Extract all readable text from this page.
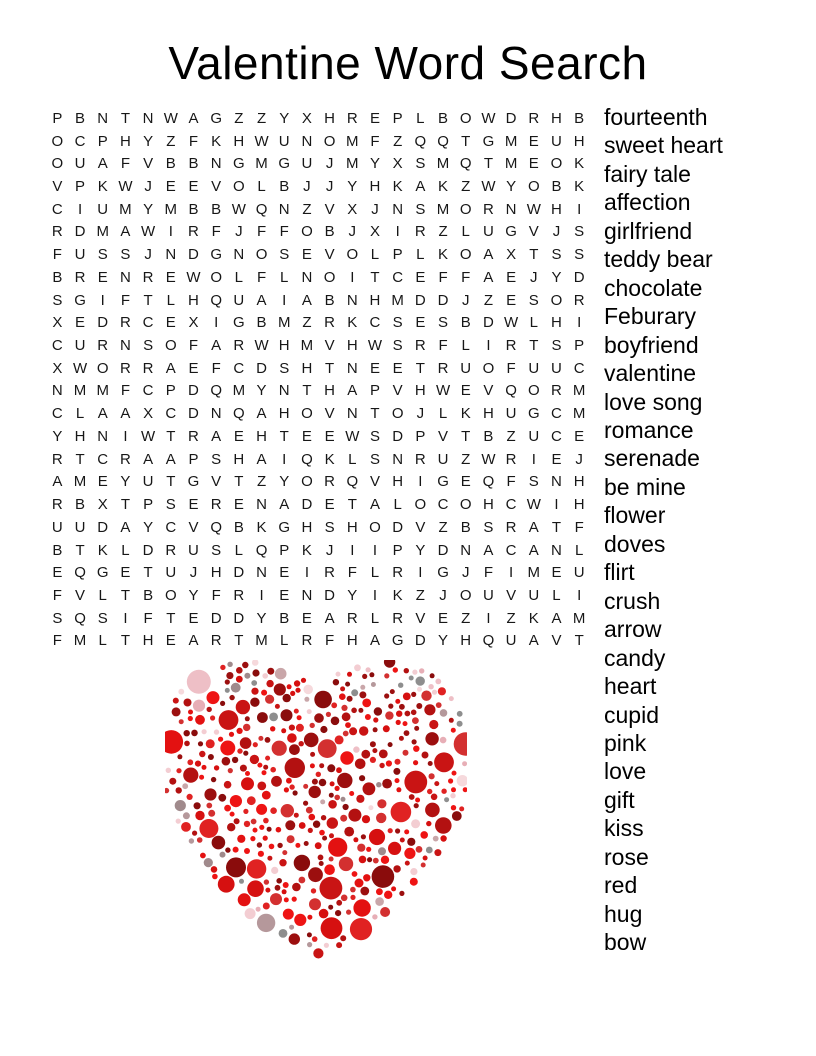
Valentine Word Search
P B N T N W A G Z Z Y X H R E P L B O W D R H B
O C P H Y Z F K H W U N O M F Z Q Q T G M E U H
O U A F V B B N G M G U J M Y X S M Q T M E O K
V P K W J E E V O L B J	J Y H K A K Z W Y O B K
C	I	U M Y M B B W Q N Z V X J N S M O R N W H	I
R D M A W I	R F J F F O B J X	I	R Z L U G V J S
F U S S J N D G N O S E V O L P L K O A X T S S
B R E N R E W O L F L N O I	T C E F F A E J Y D
S G I	F T L H Q U A	I	A B N H M D D J Z E S O R
X E D R C E X	I G B M Z R K C S E S B D W L H	I
C U R N S O F A R W H M V H W S R F L	I	R T S P
X W O R R A E F C D S H T N E E T R U O F U U C
N M M F C P D Q M Y N T H A P V H W E V Q O R M
C L A A X C D N Q A H O V N T O J L K H U G C M
Y H N	I W T R A E H T E E W S D P V T B Z U C E
R T C R A A P S H A	I Q K L S N R U Z W R	I	E J
A M E Y U T G V T Z Y O R Q V H	I G E Q F S N H
R B X T P S E R E N A D E T A L O C O H C W I	H
U U D A Y C V Q B K G H S H O D V Z B S R A T F
B T K L D R U S L Q P K J	I	I	P Y D N A C A N L
E Q G E T U J H D N E	I	R F L R	I G J F	I M E U
F V L T B O Y F R	I	E N D Y	I	K Z J O U V U L	I
S Q S	I	F T E D D Y B E A R L R V E Z	I	Z K A M
F M L T H E A R T M L R F H A G D Y H Q U A V T
fourteenth
sweet heart
fairy tale
affection
girlfriend
teddy bear
chocolate
Feburary
boyfriend
valentine
love song
romance
serenade
be mine
flower
doves
flirt
crush
arrow
candy
heart
cupid
pink
love
gift
kiss
rose
red
hug
bow
